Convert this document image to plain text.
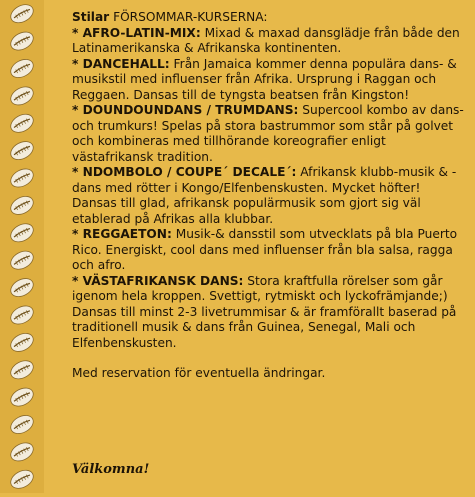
Stilar FÖRSOMMAR-KURSERNA:

* AFRO-LATIN-MIX: Mixad & maxad dansglädje från både den Latinamerikanska & Afrikanska kontinenten.

* DANCEHALL: Från Jamaica kommer denna populära dans- & musikstil med influenser från Afrika. Ursprung i Raggan och Reggaen. Dansas till de tyngsta beatsen från Kingston!

* DOUNDOUNDANS / TRUMDANS: Supercool kombo av dans- och trumkurs! Spelas på stora bastrummor som står på golvet och kombineras med tillhörande koreografier enligt västafrikansk tradition.

* NDOMBOLO / COUPE´ DECALE´: Afrikansk klubb-musik & -dans med rötter i Kongo/Elfenbenskusten. Mycket höfter! Dansas till glad, afrikansk populärmusik som gjort sig väl etablerad på Afrikas alla klubbar.

* REGGAETON: Musik-& dansstil som utvecklats på bla Puerto Rico. Energiskt, cool dans med influenser från bla salsa, ragga och afro.

* VÄSTAFRIKANSK DANS: Stora kraftfulla rörelser som går igenom hela kroppen. Svettigt, rytmiskt och lyckofrämjande;) Dansas till minst 2-3 livetrummisar & är framförallt baserad på traditionell musik & dans från Guinea, Senegal, Mali och Elfenbenskusten.

Med reservation för eventuella ändringar.

Välkomna!
